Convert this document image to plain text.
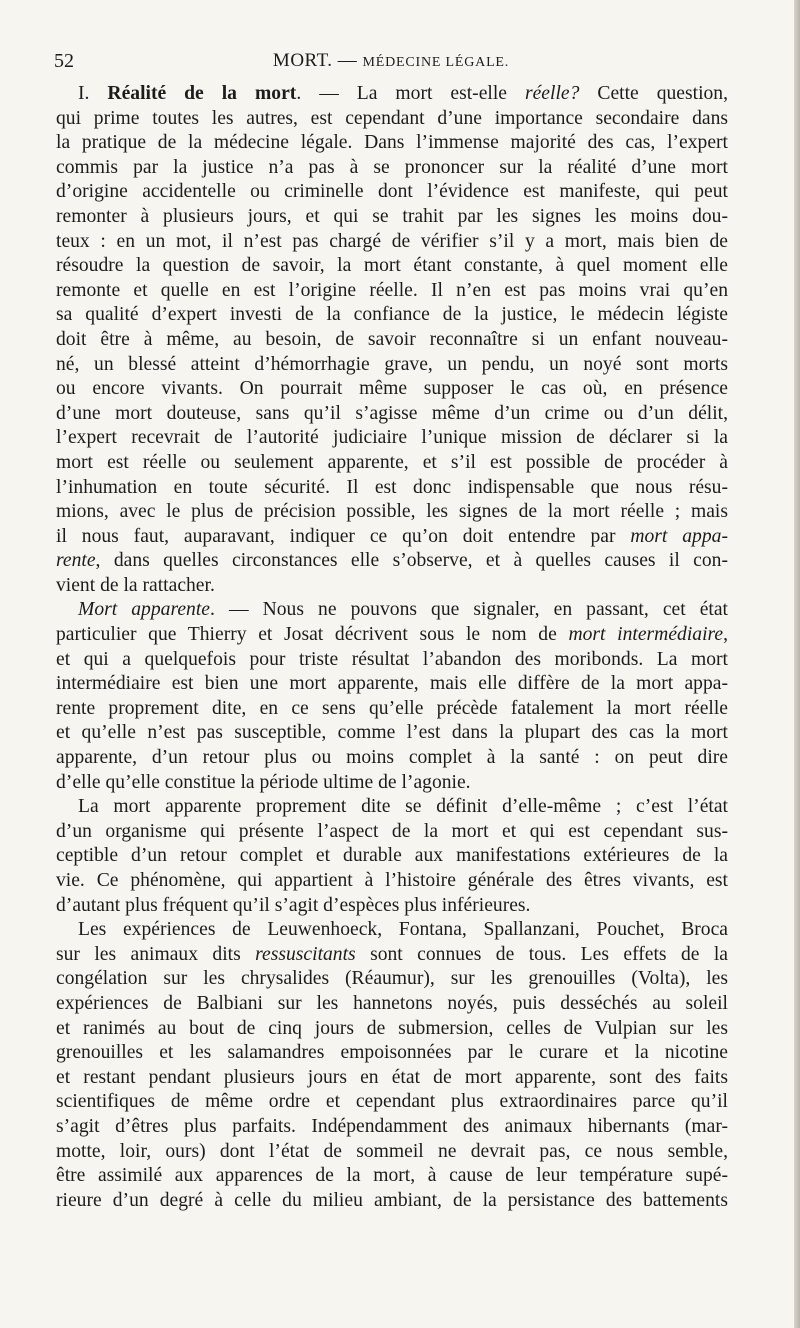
52	MORT. — MÉDECINE LÉGALE.
I. Réalité de la mort. — La mort est-elle réelle? Cette question,
qui prime toutes les autres, est cependant d’une importance secondaire dans
la pratique de la médecine légale. Dans l’immense majorité des cas, l’expert
commis par la justice n’a pas à se prononcer sur la réalité d’une mort
d’origine accidentelle ou criminelle dont l’évidence est manifeste, qui peut
remonter à plusieurs jours, et qui se trahit par les signes les moins dou-
teux : en un mot, il n’est pas chargé de vérifier s’il y a mort, mais bien de
résoudre la question de savoir, la mort étant constante, à quel moment elle
remonte et quelle en est l’origine réelle. Il n’en est pas moins vrai qu’en
sa qualité d’expert investi de la confiance de la justice, le médecin légiste
doit être à même, au besoin, de savoir reconnaître si un enfant nouveau-
né, un blessé atteint d’hémorrhagie grave, un pendu, un noyé sont morts
ou encore vivants. On pourrait même supposer le cas où, en présence
d’une mort douteuse, sans qu’il s’agisse même d’un crime ou d’un délit,
l’expert recevrait de l’autorité judiciaire l’unique mission de déclarer si la
mort est réelle ou seulement apparente, et s’il est possible de procéder à
l’inhumation en toute sécurité. Il est donc indispensable que nous résu-
mions, avec le plus de précision possible, les signes de la mort réelle ; mais
il nous faut, auparavant, indiquer ce qu’on doit entendre par mort appa-
rente, dans quelles circonstances elle s’observe, et à quelles causes il con-
vient de la rattacher.
Mort apparente. — Nous ne pouvons que signaler, en passant, cet état
particulier que Thierry et Josat décrivent sous le nom de mort intermédiaire,
et qui a quelquefois pour triste résultat l’abandon des moribonds. La mort
intermédiaire est bien une mort apparente, mais elle diffère de la mort appa-
rente proprement dite, en ce sens qu’elle précède fatalement la mort réelle
et qu’elle n’est pas susceptible, comme l’est dans la plupart des cas la mort
apparente, d’un retour plus ou moins complet à la santé : on peut dire
d’elle qu’elle constitue la période ultime de l’agonie.
La mort apparente proprement dite se définit d’elle-même ; c’est l’état
d’un organisme qui présente l’aspect de la mort et qui est cependant sus-
ceptible d’un retour complet et durable aux manifestations extérieures de la
vie. Ce phénomène, qui appartient à l’histoire générale des êtres vivants, est
d’autant plus fréquent qu’il s’agit d’espèces plus inférieures.
Les expériences de Leuwenhoeck, Fontana, Spallanzani, Pouchet, Broca
sur les animaux dits ressuscitants sont connues de tous. Les effets de la
congélation sur les chrysalides (Réaumur), sur les grenouilles (Volta), les
expériences de Balbiani sur les hannetons noyés, puis desséchés au soleil
et ranimés au bout de cinq jours de submersion, celles de Vulpian sur les
grenouilles et les salamandres empoisonnées par le curare et la nicotine
et restant pendant plusieurs jours en état de mort apparente, sont des faits
scientifiques de même ordre et cependant plus extraordinaires parce qu’il
s’agit d’êtres plus parfaits. Indépendamment des animaux hibernants (mar-
motte, loir, ours) dont l’état de sommeil ne devrait pas, ce nous semble,
être assimilé aux apparences de la mort, à cause de leur température supé-
rieure d’un degré à celle du milieu ambiant, de la persistance des battements
